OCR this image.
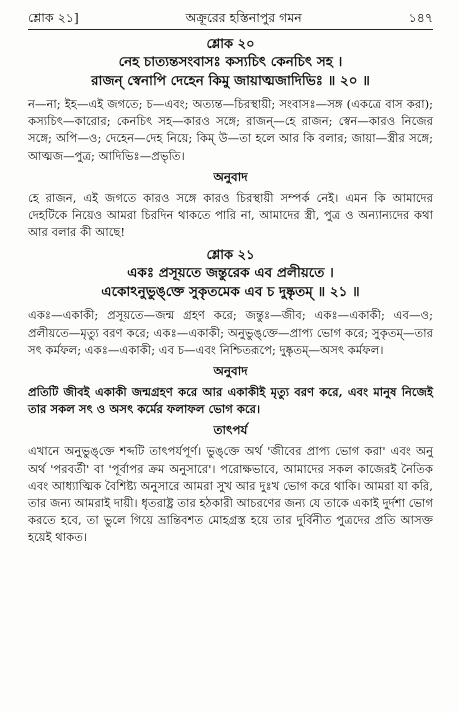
শ্লোক ২১]	অক্রূরের হস্তিনাপুর গমন	১৪৭
শ্লোক ২০
নেহ চাত্যন্তসংবাসঃ কস্যচিৎ কেনচিৎ সহ ।
রাজন্ স্বেনাপি দেহেন কিমু জায়াত্মজাদিভিঃ ॥ ২০ ॥

ন—না; ইহ—এই জগতে; চ—এবং; অত্যন্ত—চিরস্থায়ী; সংবাসঃ—সঙ্গ (একত্রে বাস করা); কস্যচিৎ—কারোর; কেনচিৎ সহ—কারও সঙ্গে; রাজন্—হে রাজন; স্বেন—কারও নিজের সঙ্গে; অপি—ও; দেহেন—দেহ নিয়ে; কিম্ উ—তা হলে আর কি বলার; জায়া—স্ত্রীর সঙ্গে; আত্মজ—পুত্র; আদিভিঃ—প্রভৃতি।

অনুবাদ

হে রাজন, এই জগতে কারও সঙ্গে কারও চিরস্থায়ী সম্পর্ক নেই। এমন কি আমাদের দেহটিকে নিয়েও আমরা চিরদিন থাকতে পারি না, আমাদের স্ত্রী, পুত্র ও অন্যান্যদের কথা আর বলার কী আছে!

শ্লোক ২১
একঃ প্রসূয়তে জন্তুরেক এব প্রলীয়তে ।
একোঽনুভুঙ্‌ক্তে সুকৃতমেক এব চ দুষ্কৃতম্ ॥ ২১ ॥

একঃ—একাকী; প্রসূয়তে—জন্ম গ্রহণ করে; জন্তুঃ—জীব; একঃ—একাকী; এব—ও; প্রলীয়তে—মৃত্যু বরণ করে; একঃ—একাকী; অনুভুঙ্‌ক্তে—প্রাপ্য ভোগ করে; সুকৃতম্—তার সৎ কর্মফল; একঃ—একাকী; এব চ—এবং নিশ্চিতরূপে; দুষ্কৃতম্—অসৎ কর্মফল।

অনুবাদ

প্রতিটি জীবই একাকী জন্মগ্রহণ করে আর একাকীই মৃত্যু বরণ করে, এবং মানুষ নিজেই তার সকল সৎ ও অসৎ কর্মের ফলাফল ভোগ করে।

তাৎপর্য

এখানে অনুভুঙ্‌ক্তে শব্দটি তাৎপর্যপূর্ণ। ভুঙ্‌ক্তে অর্থ 'জীবের প্রাপ্য ভোগ করা' এবং অনু অর্থ 'পরবর্তী' বা 'পূর্বাপর ক্রম অনুসারে'। পরোক্ষভাবে, আমাদের সকল কাজেরই নৈতিক এবং আধ্যাত্মিক বৈশিষ্ট্য অনুসারে আমরা সুখ আর দুঃখ ভোগ করে থাকি। আমরা যা করি, তার জন্য আমরাই দায়ী। ধৃতরাষ্ট্র তার হঠকারী আচরণের জন্য যে তাকে একাই দুর্দশা ভোগ করতে হবে, তা ভুলে গিয়ে ভ্রান্তিবশত মোহগ্রস্ত হয়ে তার দুর্বিনীত পুত্রদের প্রতি আসক্ত হয়েই থাকত।
